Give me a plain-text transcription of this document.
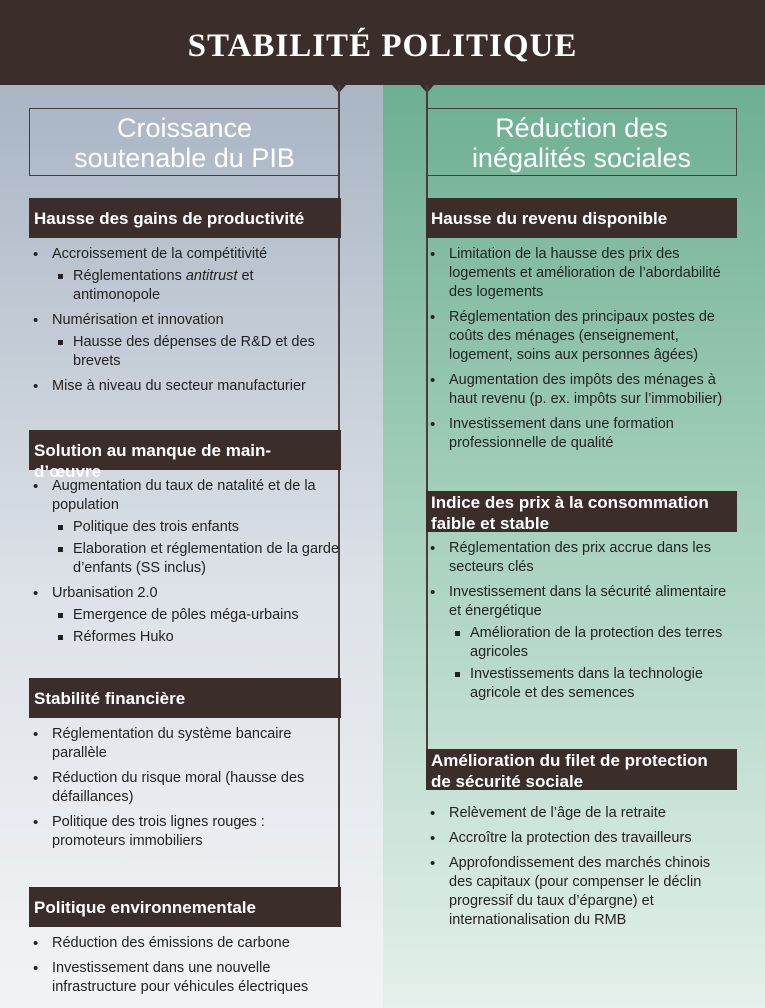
STABILITÉ POLITIQUE
Croissance
soutenable du PIB
Réduction des
inégalités sociales
Hausse des gains de productivité
• Accroissement de la compétitivité
Réglementations antitrust et antimonopole
• Numérisation et innovation
Hausse des dépenses de R&D et des brevets
• Mise à niveau du secteur manufacturier
Solution au manque de main-d’œuvre
• Augmentation du taux de natalité et de la population
Politique des trois enfants
Elaboration et réglementation de la garde d’enfants (SS inclus)
• Urbanisation 2.0
Emergence de pôles méga-urbains
Réformes Huko
Stabilité financière
• Réglementation du système bancaire parallèle
• Réduction du risque moral (hausse des défaillances)
• Politique des trois lignes rouges : promoteurs immobiliers
Politique environnementale
• Réduction des émissions de carbone
• Investissement dans une nouvelle infrastructure pour véhicules électriques
Hausse du revenu disponible
• Limitation de la hausse des prix des logements et amélioration de l’abordabilité des logements
• Réglementation des principaux postes de coûts des ménages (enseignement, logement, soins aux personnes âgées)
• Augmentation des impôts des ménages à haut revenu (p. ex. impôts sur l’immobilier)
• Investissement dans une formation professionnelle de qualité
Indice des prix à la consommation faible et stable
• Réglementation des prix accrue dans les secteurs clés
• Investissement dans la sécurité alimentaire et énergétique
Amélioration de la protection des terres agricoles
Investissements dans la technologie agricole et des semences
Amélioration du filet de protection de sécurité sociale
• Relèvement de l’âge de la retraite
• Accroître la protection des travailleurs
• Approfondissement des marchés chinois des capitaux (pour compenser le déclin progressif du taux d’épargne) et internationalisation du RMB
